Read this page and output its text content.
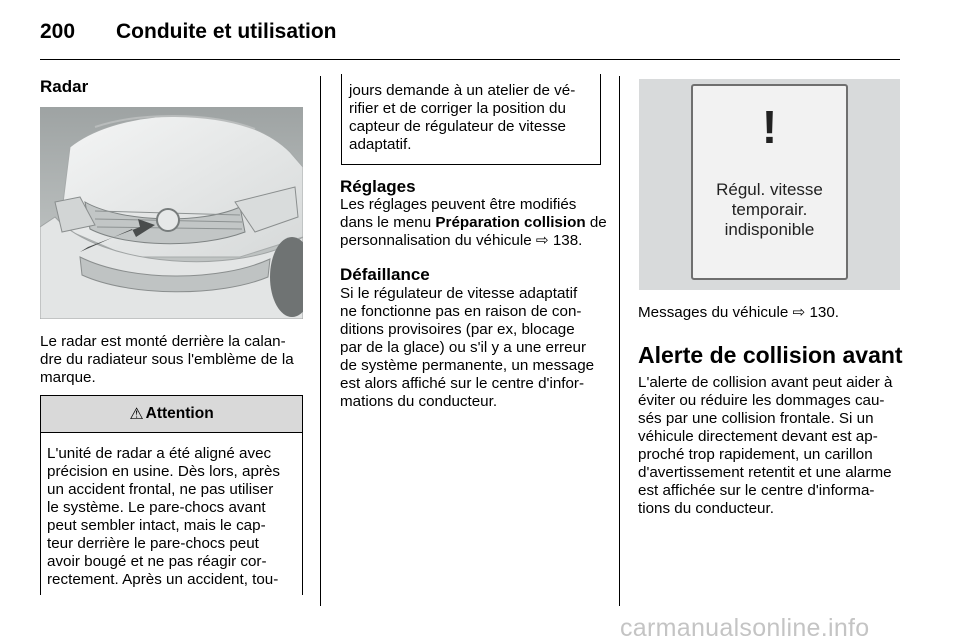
200 Conduite et utilisation
Radar
Le radar est monté derrière la calan-
dre du radiateur sous l'emblème de la
marque.
⚠ Attention
L'unité de radar a été aligné avec
précision en usine. Dès lors, après
un accident frontal, ne pas utiliser
le système. Le pare-chocs avant
peut sembler intact, mais le cap-
teur derrière le pare-chocs peut
avoir bougé et ne pas réagir cor-
rectement. Après un accident, tou-
jours demande à un atelier de vé-
rifier et de corriger la position du
capteur de régulateur de vitesse
adaptatif.
Réglages
Les réglages peuvent être modifiés
dans le menu Préparation collision de
personnalisation du véhicule ⇨ 138.
Défaillance
Si le régulateur de vitesse adaptatif
ne fonctionne pas en raison de con-
ditions provisoires (par ex, blocage
par de la glace) ou s'il y a une erreur
de système permanente, un message
est alors affiché sur le centre d'infor-
mations du conducteur.
!
Régul. vitesse
temporair.
indisponible
Messages du véhicule ⇨ 130.
Alerte de collision avant
L'alerte de collision avant peut aider à
éviter ou réduire les dommages cau-
sés par une collision frontale. Si un
véhicule directement devant est ap-
proché trop rapidement, un carillon
d'avertissement retentit et une alarme
est affichée sur le centre d'informa-
tions du conducteur.
carmanualsonline.info
